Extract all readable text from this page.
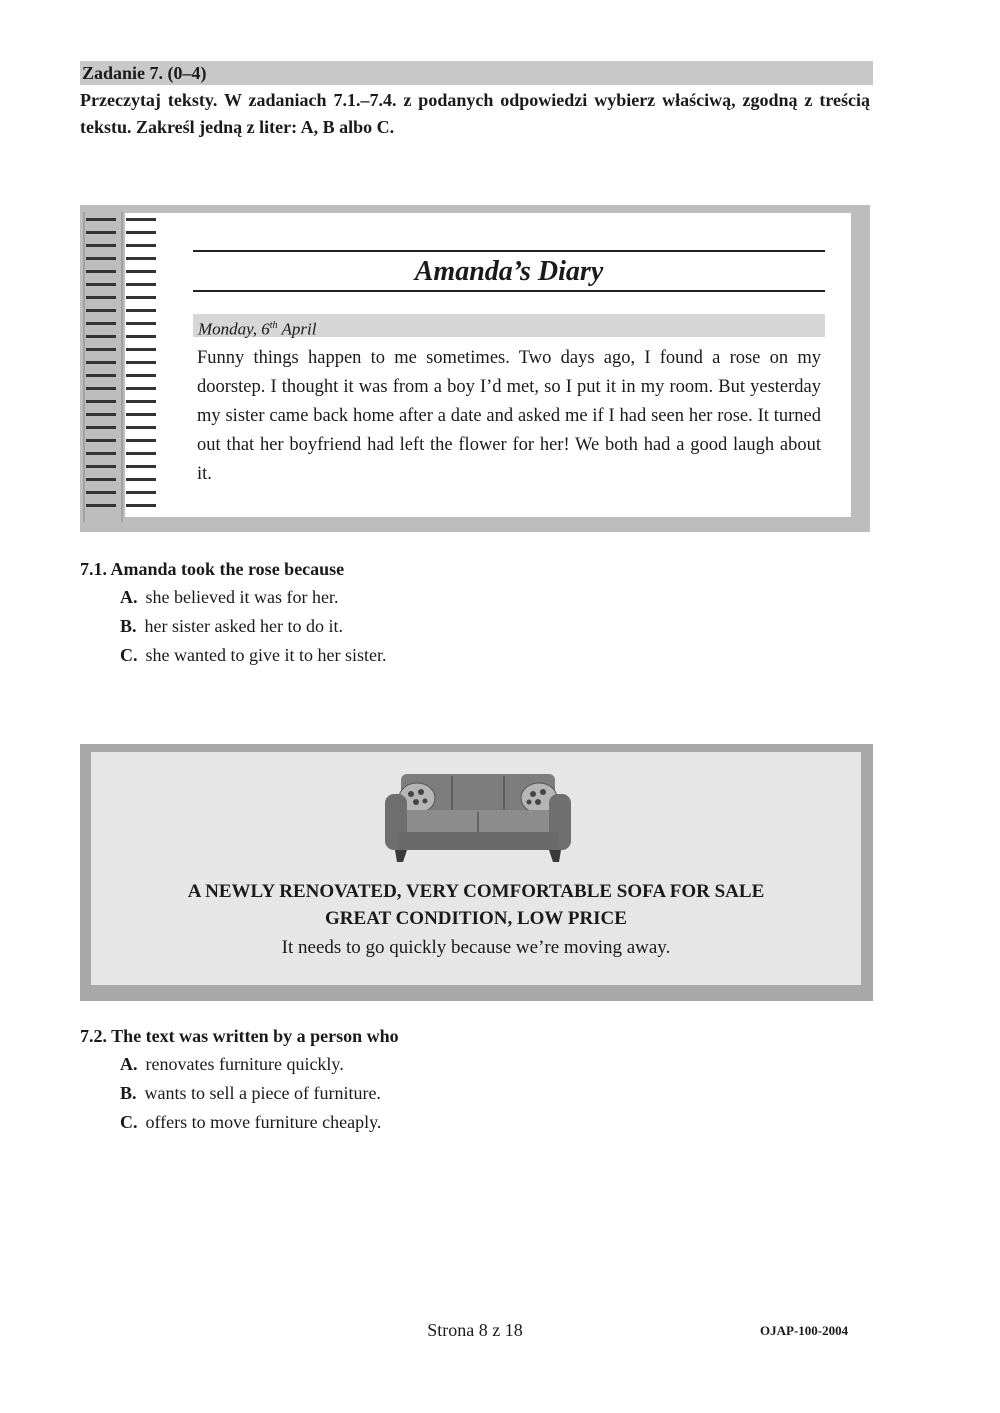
Zadanie 7. (0–4)
Przeczytaj teksty. W zadaniach 7.1.–7.4. z podanych odpowiedzi wybierz właściwą, zgodną z treścią tekstu. Zakreśl jedną z liter: A, B albo C.
Amanda’s Diary
Monday, 6th April
Funny things happen to me sometimes. Two days ago, I found a rose on my doorstep. I thought it was from a boy I’d met, so I put it in my room. But yesterday my sister came back home after a date and asked me if I had seen her rose. It turned out that her boyfriend had left the flower for her! We both had a good laugh about it.
7.1. Amanda took the rose because
A. she believed it was for her.
B. her sister asked her to do it.
C. she wanted to give it to her sister.
A NEWLY RENOVATED, VERY COMFORTABLE SOFA FOR SALE
GREAT CONDITION, LOW PRICE
It needs to go quickly because we’re moving away.
7.2. The text was written by a person who
A. renovates furniture quickly.
B. wants to sell a piece of furniture.
C. offers to move furniture cheaply.
Strona 8 z 18	OJAP-100-2004
